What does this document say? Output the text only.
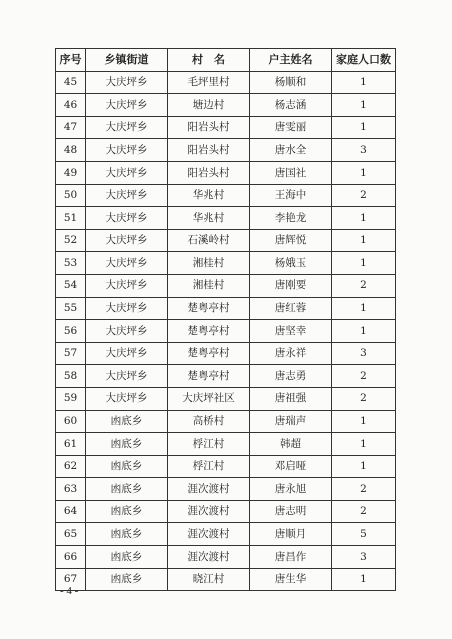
序号	乡镇街道	村　名	户主姓名	家庭人口数
45	大庆坪乡	毛坪里村	杨顺和	1
46	大庆坪乡	塘边村	杨志涵	1
47	大庆坪乡	阳岩头村	唐雯丽	1
48	大庆坪乡	阳岩头村	唐水全	3
49	大庆坪乡	阳岩头村	唐国社	1
50	大庆坪乡	华兆村	王海中	2
51	大庆坪乡	华兆村	李艳龙	1
52	大庆坪乡	石溪岭村	唐辉悦	1
53	大庆坪乡	湘桂村	杨娥玉	1
54	大庆坪乡	湘桂村	唐刚要	2
55	大庆坪乡	楚粤亭村	唐红蓉	1
56	大庆坪乡	楚粤亭村	唐坚幸	1
57	大庆坪乡	楚粤亭村	唐永祥	3
58	大庆坪乡	楚粤亭村	唐志勇	2
59	大庆坪乡	大庆坪社区	唐祖强	2
60	凼底乡	高桥村	唐瑞声	1
61	凼底乡	桴江村	韩超	1
62	凼底乡	桴江村	邓启哑	1
63	凼底乡	涯次渡村	唐永旭	2
64	凼底乡	涯次渡村	唐志明	2
65	凼底乡	涯次渡村	唐顺月	5
66	凼底乡	涯次渡村	唐昌作	3
67	凼底乡	晓江村	唐生华	1
- 4 -
